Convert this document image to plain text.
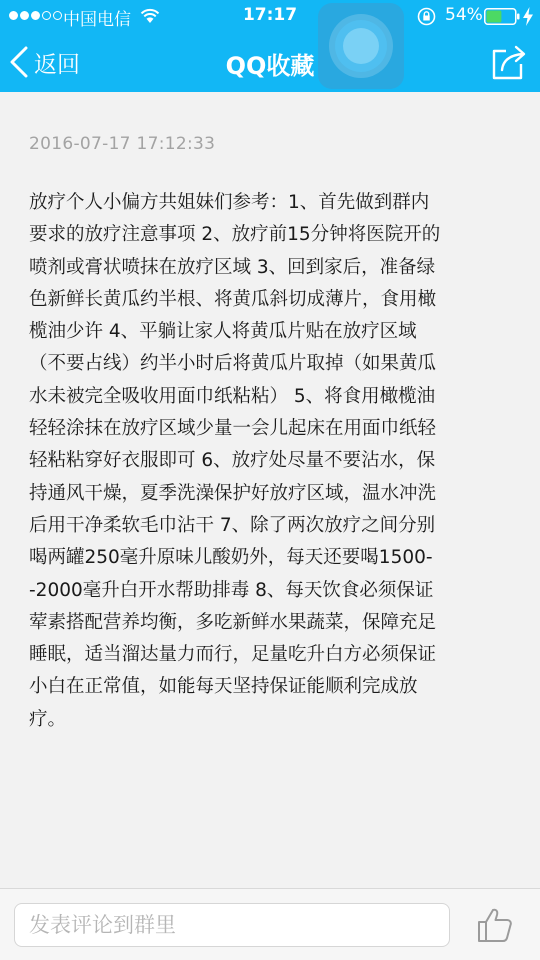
中国电信	17:17	54%
返回	QQ收藏
2016-07-17 17:12:33
放疗个人小偏方共姐妹们参考：1、首先做到群内
要求的放疗注意事项 2、放疗前15分钟将医院开的
喷剂或膏状喷抹在放疗区域 3、回到家后，准备绿
色新鲜长黄瓜约半根、将黄瓜斜切成薄片，食用橄
榄油少许 4、平躺让家人将黄瓜片贴在放疗区域
（不要占线）约半小时后将黄瓜片取掉（如果黄瓜
水未被完全吸收用面巾纸粘粘） 5、将食用橄榄油
轻轻涂抹在放疗区域少量一会儿起床在用面巾纸轻
轻粘粘穿好衣服即可 6、放疗处尽量不要沾水，保
持通风干燥，夏季洗澡保护好放疗区域，温水冲洗
后用干净柔软毛巾沾干 7、除了两次放疗之间分别
喝两罐250毫升原味儿酸奶外，每天还要喝1500-
-2000毫升白开水帮助排毒 8、每天饮食必须保证
荤素搭配营养均衡，多吃新鲜水果蔬菜，保障充足
睡眠，适当溜达量力而行，足量吃升白方必须保证
小白在正常值，如能每天坚持保证能顺利完成放
疗。
发表评论到群里
